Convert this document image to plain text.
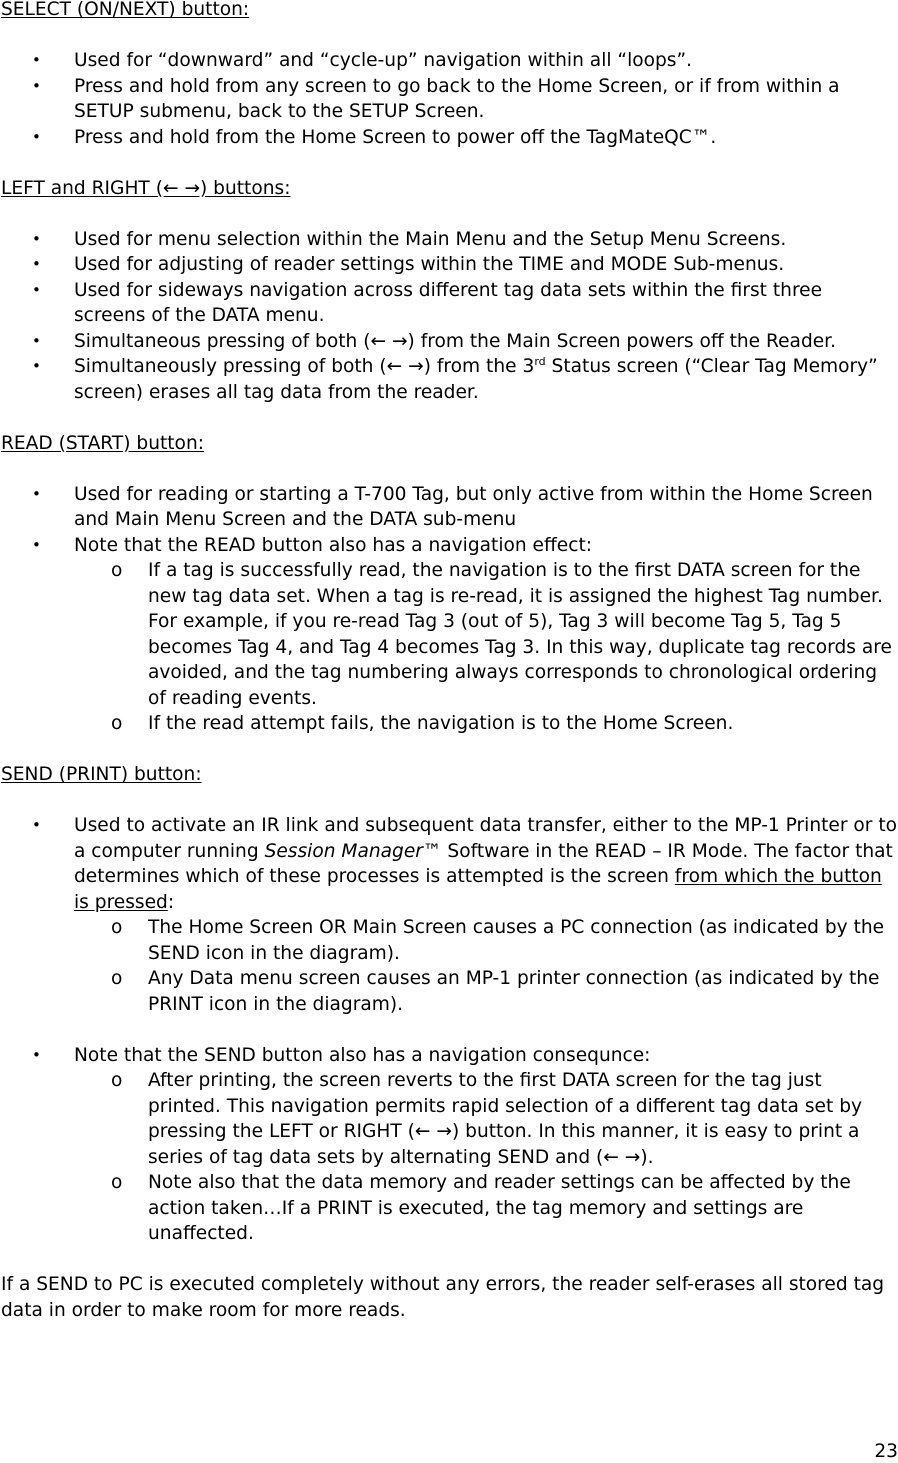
SELECT (ON/NEXT) button:

• Used for “downward” and “cycle-up” navigation within all “loops”.
• Press and hold from any screen to go back to the Home Screen, or if from within a SETUP submenu, back to the SETUP Screen.
• Press and hold from the Home Screen to power off the TagMateQC™.

LEFT and RIGHT (← →) buttons:

• Used for menu selection within the Main Menu and the Setup Menu Screens.
• Used for adjusting of reader settings within the TIME and MODE Sub-menus.
• Used for sideways navigation across different tag data sets within the first three screens of the DATA menu.
• Simultaneous pressing of both (← →) from the Main Screen powers off the Reader.
• Simultaneously pressing of both (← →) from the 3rd Status screen (“Clear Tag Memory” screen) erases all tag data from the reader.

READ (START) button:

• Used for reading or starting a T-700 Tag, but only active from within the Home Screen and Main Menu Screen and the DATA sub-menu
• Note that the READ button also has a navigation effect:
o If a tag is successfully read, the navigation is to the first DATA screen for the new tag data set. When a tag is re-read, it is assigned the highest Tag number. For example, if you re-read Tag 3 (out of 5), Tag 3 will become Tag 5, Tag 5 becomes Tag 4, and Tag 4 becomes Tag 3. In this way, duplicate tag records are avoided, and the tag numbering always corresponds to chronological ordering of reading events.
o If the read attempt fails, the navigation is to the Home Screen.

SEND (PRINT) button:

• Used to activate an IR link and subsequent data transfer, either to the MP-1 Printer or to a computer running Session Manager™ Software in the READ – IR Mode. The factor that determines which of these processes is attempted is the screen from which the button is pressed:
o The Home Screen OR Main Screen causes a PC connection (as indicated by the SEND icon in the diagram).
o Any Data menu screen causes an MP-1 printer connection (as indicated by the PRINT icon in the diagram).
• Note that the SEND button also has a navigation consequnce:
o After printing, the screen reverts to the first DATA screen for the tag just printed. This navigation permits rapid selection of a different tag data set by pressing the LEFT or RIGHT (← →) button. In this manner, it is easy to print a series of tag data sets by alternating SEND and (← →).
o Note also that the data memory and reader settings can be affected by the action taken…If a PRINT is executed, the tag memory and settings are unaffected.

If a SEND to PC is executed completely without any errors, the reader self-erases all stored tag data in order to make room for more reads.

23
